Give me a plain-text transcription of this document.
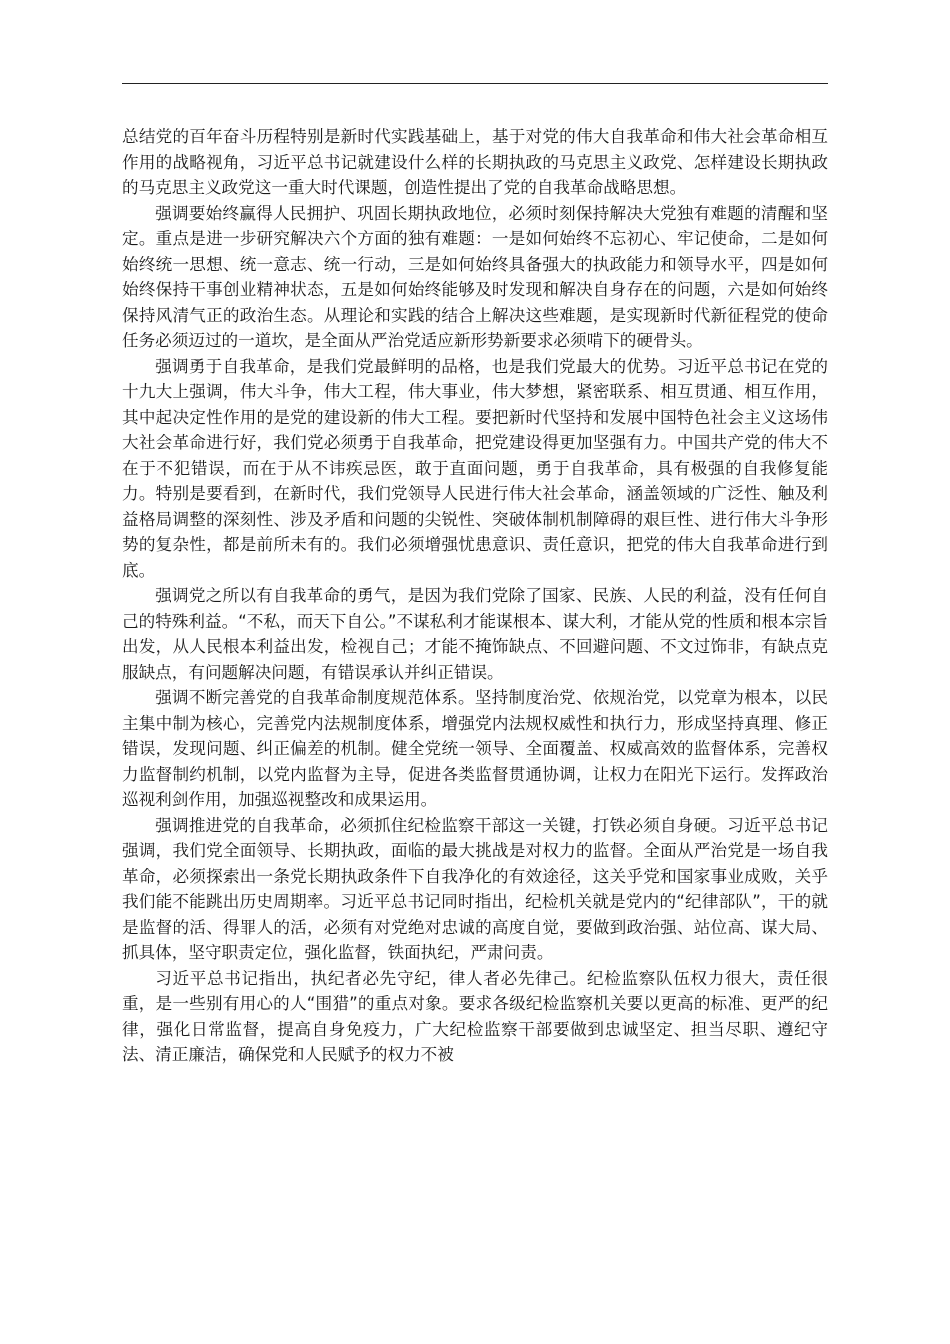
总结党的百年奋斗历程特别是新时代实践基础上，基于对党的伟大自我革命和伟大社会革命相互作用的战略视角，习近平总书记就建设什么样的长期执政的马克思主义政党、怎样建设长期执政的马克思主义政党这一重大时代课题，创造性提出了党的自我革命战略思想。

强调要始终赢得人民拥护、巩固长期执政地位，必须时刻保持解决大党独有难题的清醒和坚定。重点是进一步研究解决六个方面的独有难题：一是如何始终不忘初心、牢记使命，二是如何始终统一思想、统一意志、统一行动，三是如何始终具备强大的执政能力和领导水平，四是如何始终保持干事创业精神状态，五是如何始终能够及时发现和解决自身存在的问题，六是如何始终保持风清气正的政治生态。从理论和实践的结合上解决这些难题，是实现新时代新征程党的使命任务必须迈过的一道坎，是全面从严治党适应新形势新要求必须啃下的硬骨头。

强调勇于自我革命，是我们党最鲜明的品格，也是我们党最大的优势。习近平总书记在党的十九大上强调，伟大斗争，伟大工程，伟大事业，伟大梦想，紧密联系、相互贯通、相互作用，其中起决定性作用的是党的建设新的伟大工程。要把新时代坚持和发展中国特色社会主义这场伟大社会革命进行好，我们党必须勇于自我革命，把党建设得更加坚强有力。中国共产党的伟大不在于不犯错误，而在于从不讳疾忌医，敢于直面问题，勇于自我革命，具有极强的自我修复能力。特别是要看到，在新时代，我们党领导人民进行伟大社会革命，涵盖领域的广泛性、触及利益格局调整的深刻性、涉及矛盾和问题的尖锐性、突破体制机制障碍的艰巨性、进行伟大斗争形势的复杂性，都是前所未有的。我们必须增强忧患意识、责任意识，把党的伟大自我革命进行到底。

强调党之所以有自我革命的勇气，是因为我们党除了国家、民族、人民的利益，没有任何自己的特殊利益。“不私，而天下自公。”不谋私利才能谋根本、谋大利，才能从党的性质和根本宗旨出发，从人民根本利益出发，检视自己；才能不掩饰缺点、不回避问题、不文过饰非，有缺点克服缺点，有问题解决问题，有错误承认并纠正错误。

强调不断完善党的自我革命制度规范体系。坚持制度治党、依规治党，以党章为根本，以民主集中制为核心，完善党内法规制度体系，增强党内法规权威性和执行力，形成坚持真理、修正错误，发现问题、纠正偏差的机制。健全党统一领导、全面覆盖、权威高效的监督体系，完善权力监督制约机制，以党内监督为主导，促进各类监督贯通协调，让权力在阳光下运行。发挥政治巡视利剑作用，加强巡视整改和成果运用。

强调推进党的自我革命，必须抓住纪检监察干部这一关键，打铁必须自身硬。习近平总书记强调，我们党全面领导、长期执政，面临的最大挑战是对权力的监督。全面从严治党是一场自我革命，必须探索出一条党长期执政条件下自我净化的有效途径，这关乎党和国家事业成败，关乎我们能不能跳出历史周期率。习近平总书记同时指出，纪检机关就是党内的“纪律部队”，干的就是监督的活、得罪人的活，必须有对党绝对忠诚的高度自觉，要做到政治强、站位高、谋大局、抓具体，坚守职责定位，强化监督，铁面执纪，严肃问责。

习近平总书记指出，执纪者必先守纪，律人者必先律己。纪检监察队伍权力很大，责任很重，是一些别有用心的人“围猎”的重点对象。要求各级纪检监察机关要以更高的标准、更严的纪律，强化日常监督，提高自身免疫力，广大纪检监察干部要做到忠诚坚定、担当尽职、遵纪守法、清正廉洁，确保党和人民赋予的权力不被
